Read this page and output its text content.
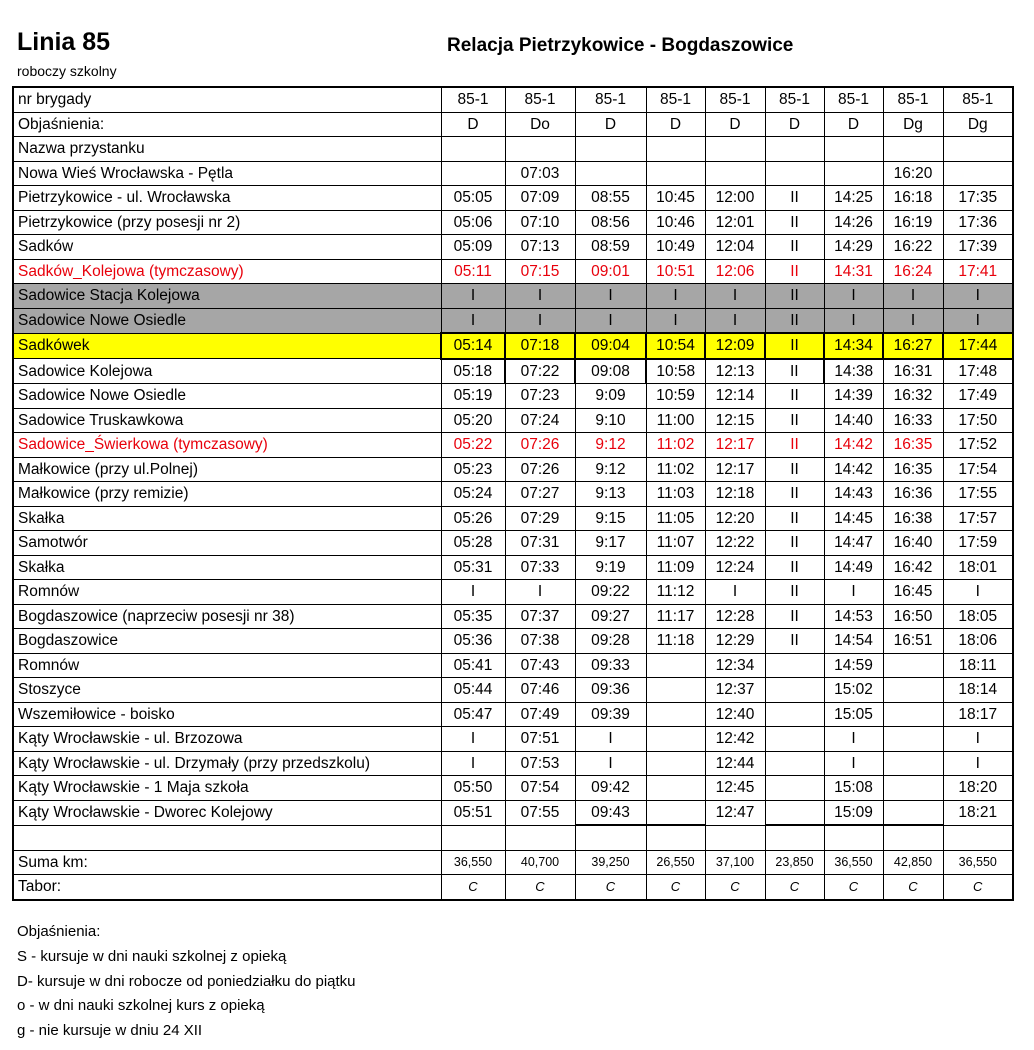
Linia 85
roboczy szkolny
Relacja Pietrzykowice - Bogdaszowice
nr brygady	85-1	85-1	85-1	85-1	85-1	85-1	85-1	85-1	85-1
Objaśnienia:	D	Do	D	D	D	D	D	Dg	Dg
Nazwa przystanku									
Nowa Wieś Wrocławska - Pętla		07:03						16:20	
Pietrzykowice - ul. Wrocławska	05:05	07:09	08:55	10:45	12:00	II	14:25	16:18	17:35
Pietrzykowice (przy posesji nr 2)	05:06	07:10	08:56	10:46	12:01	II	14:26	16:19	17:36
Sadków	05:09	07:13	08:59	10:49	12:04	II	14:29	16:22	17:39
Sadków_Kolejowa (tymczasowy)	05:11	07:15	09:01	10:51	12:06	II	14:31	16:24	17:41
Sadowice Stacja Kolejowa	I	I	I	I	I	II	I	I	I
Sadowice Nowe Osiedle	I	I	I	I	I	II	I	I	I
Sadkówek	05:14	07:18	09:04	10:54	12:09	II	14:34	16:27	17:44
Sadowice Kolejowa	05:18	07:22	09:08	10:58	12:13	II	14:38	16:31	17:48
Sadowice Nowe Osiedle	05:19	07:23	9:09	10:59	12:14	II	14:39	16:32	17:49
Sadowice Truskawkowa	05:20	07:24	9:10	11:00	12:15	II	14:40	16:33	17:50
Sadowice_Świerkowa (tymczasowy)	05:22	07:26	9:12	11:02	12:17	II	14:42	16:35	17:52
Małkowice (przy ul.Polnej)	05:23	07:26	9:12	11:02	12:17	II	14:42	16:35	17:54
Małkowice (przy remizie)	05:24	07:27	9:13	11:03	12:18	II	14:43	16:36	17:55
Skałka	05:26	07:29	9:15	11:05	12:20	II	14:45	16:38	17:57
Samotwór	05:28	07:31	9:17	11:07	12:22	II	14:47	16:40	17:59
Skałka	05:31	07:33	9:19	11:09	12:24	II	14:49	16:42	18:01
Romnów	I	I	09:22	11:12	I	II	I	16:45	I
Bogdaszowice (naprzeciw posesji nr 38)	05:35	07:37	09:27	11:17	12:28	II	14:53	16:50	18:05
Bogdaszowice	05:36	07:38	09:28	11:18	12:29	II	14:54	16:51	18:06
Romnów	05:41	07:43	09:33		12:34		14:59		18:11
Stoszyce	05:44	07:46	09:36		12:37		15:02		18:14
Wszemiłowice - boisko	05:47	07:49	09:39		12:40		15:05		18:17
Kąty Wrocławskie - ul. Brzozowa	I	07:51	I		12:42		I		I
Kąty Wrocławskie - ul. Drzymały (przy przedszkolu)	I	07:53	I		12:44		I		I
Kąty Wrocławskie - 1 Maja szkoła	05:50	07:54	09:42		12:45		15:08		18:20
Kąty Wrocławskie - Dworec Kolejowy	05:51	07:55	09:43		12:47		15:09		18:21

Suma km:	36,550	40,700	39,250	26,550	37,100	23,850	36,550	42,850	36,550
Tabor:	C	C	C	C	C	C	C	C	C
Objaśnienia:
S - kursuje w dni nauki szkolnej z opieką
D- kursuje w dni robocze od poniedziałku do piątku
o - w dni nauki szkolnej kurs z opieką
g - nie kursuje w dniu 24 XII
